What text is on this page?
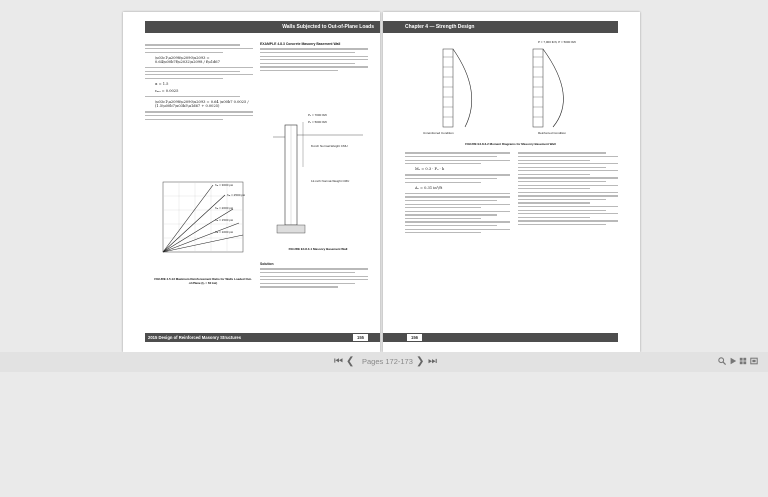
Walls Subjected to Out-of-Plane Loads
\u03c1\u2098\u2090\u2093 = 0.64\u00b7f\u2032\u2098 / f\u1d67
α = 1.5
εₘᵤ = 0.0025
\u03c1\u2098\u2090\u2093 = 0.64 \u00b7 0.0025 / (1.5\u00b7\u03b5\u1d67 + 0.0025)
f′ₘ = 3000 psi
f′ₘ = 2500 psi
f′ₘ = 2000 psi
f′ₘ = 1500 psi
f′ₘ = 1000 psi
FIGURE 4.5.13 Maximum Reinforcement Ratio for Walls Loaded Out-of-Plane (fᵧ = 60 ksi)
EXAMPLE 4.8.3 Concrete Masonry Basement Wall
Pᵤ = 7000 lb/ft
Pᵤ = 5000 lb/ft
8-inch Normal-Weight CMU
12-inch Normal-Weight CMU
FIGURE E4.8.3-1 Masonry Basement Wall
Solution
2015 Design of Reinforced Masonry Structures	155
Chapter 4 — Strength Design
P = 7,000 lb/ft, P = 5000 lb/ft
Unreinforced Condition	Reinforced Condition
FIGURE E4.8.3-2 Moment Diagrams for Masonry Basement Wall
Mᵤ = 0.3 · Pᵤ · h
Aₛ = 0.31 in²/ft
156
⏮ ❮ Pages 172-173 ❯ ⏭
